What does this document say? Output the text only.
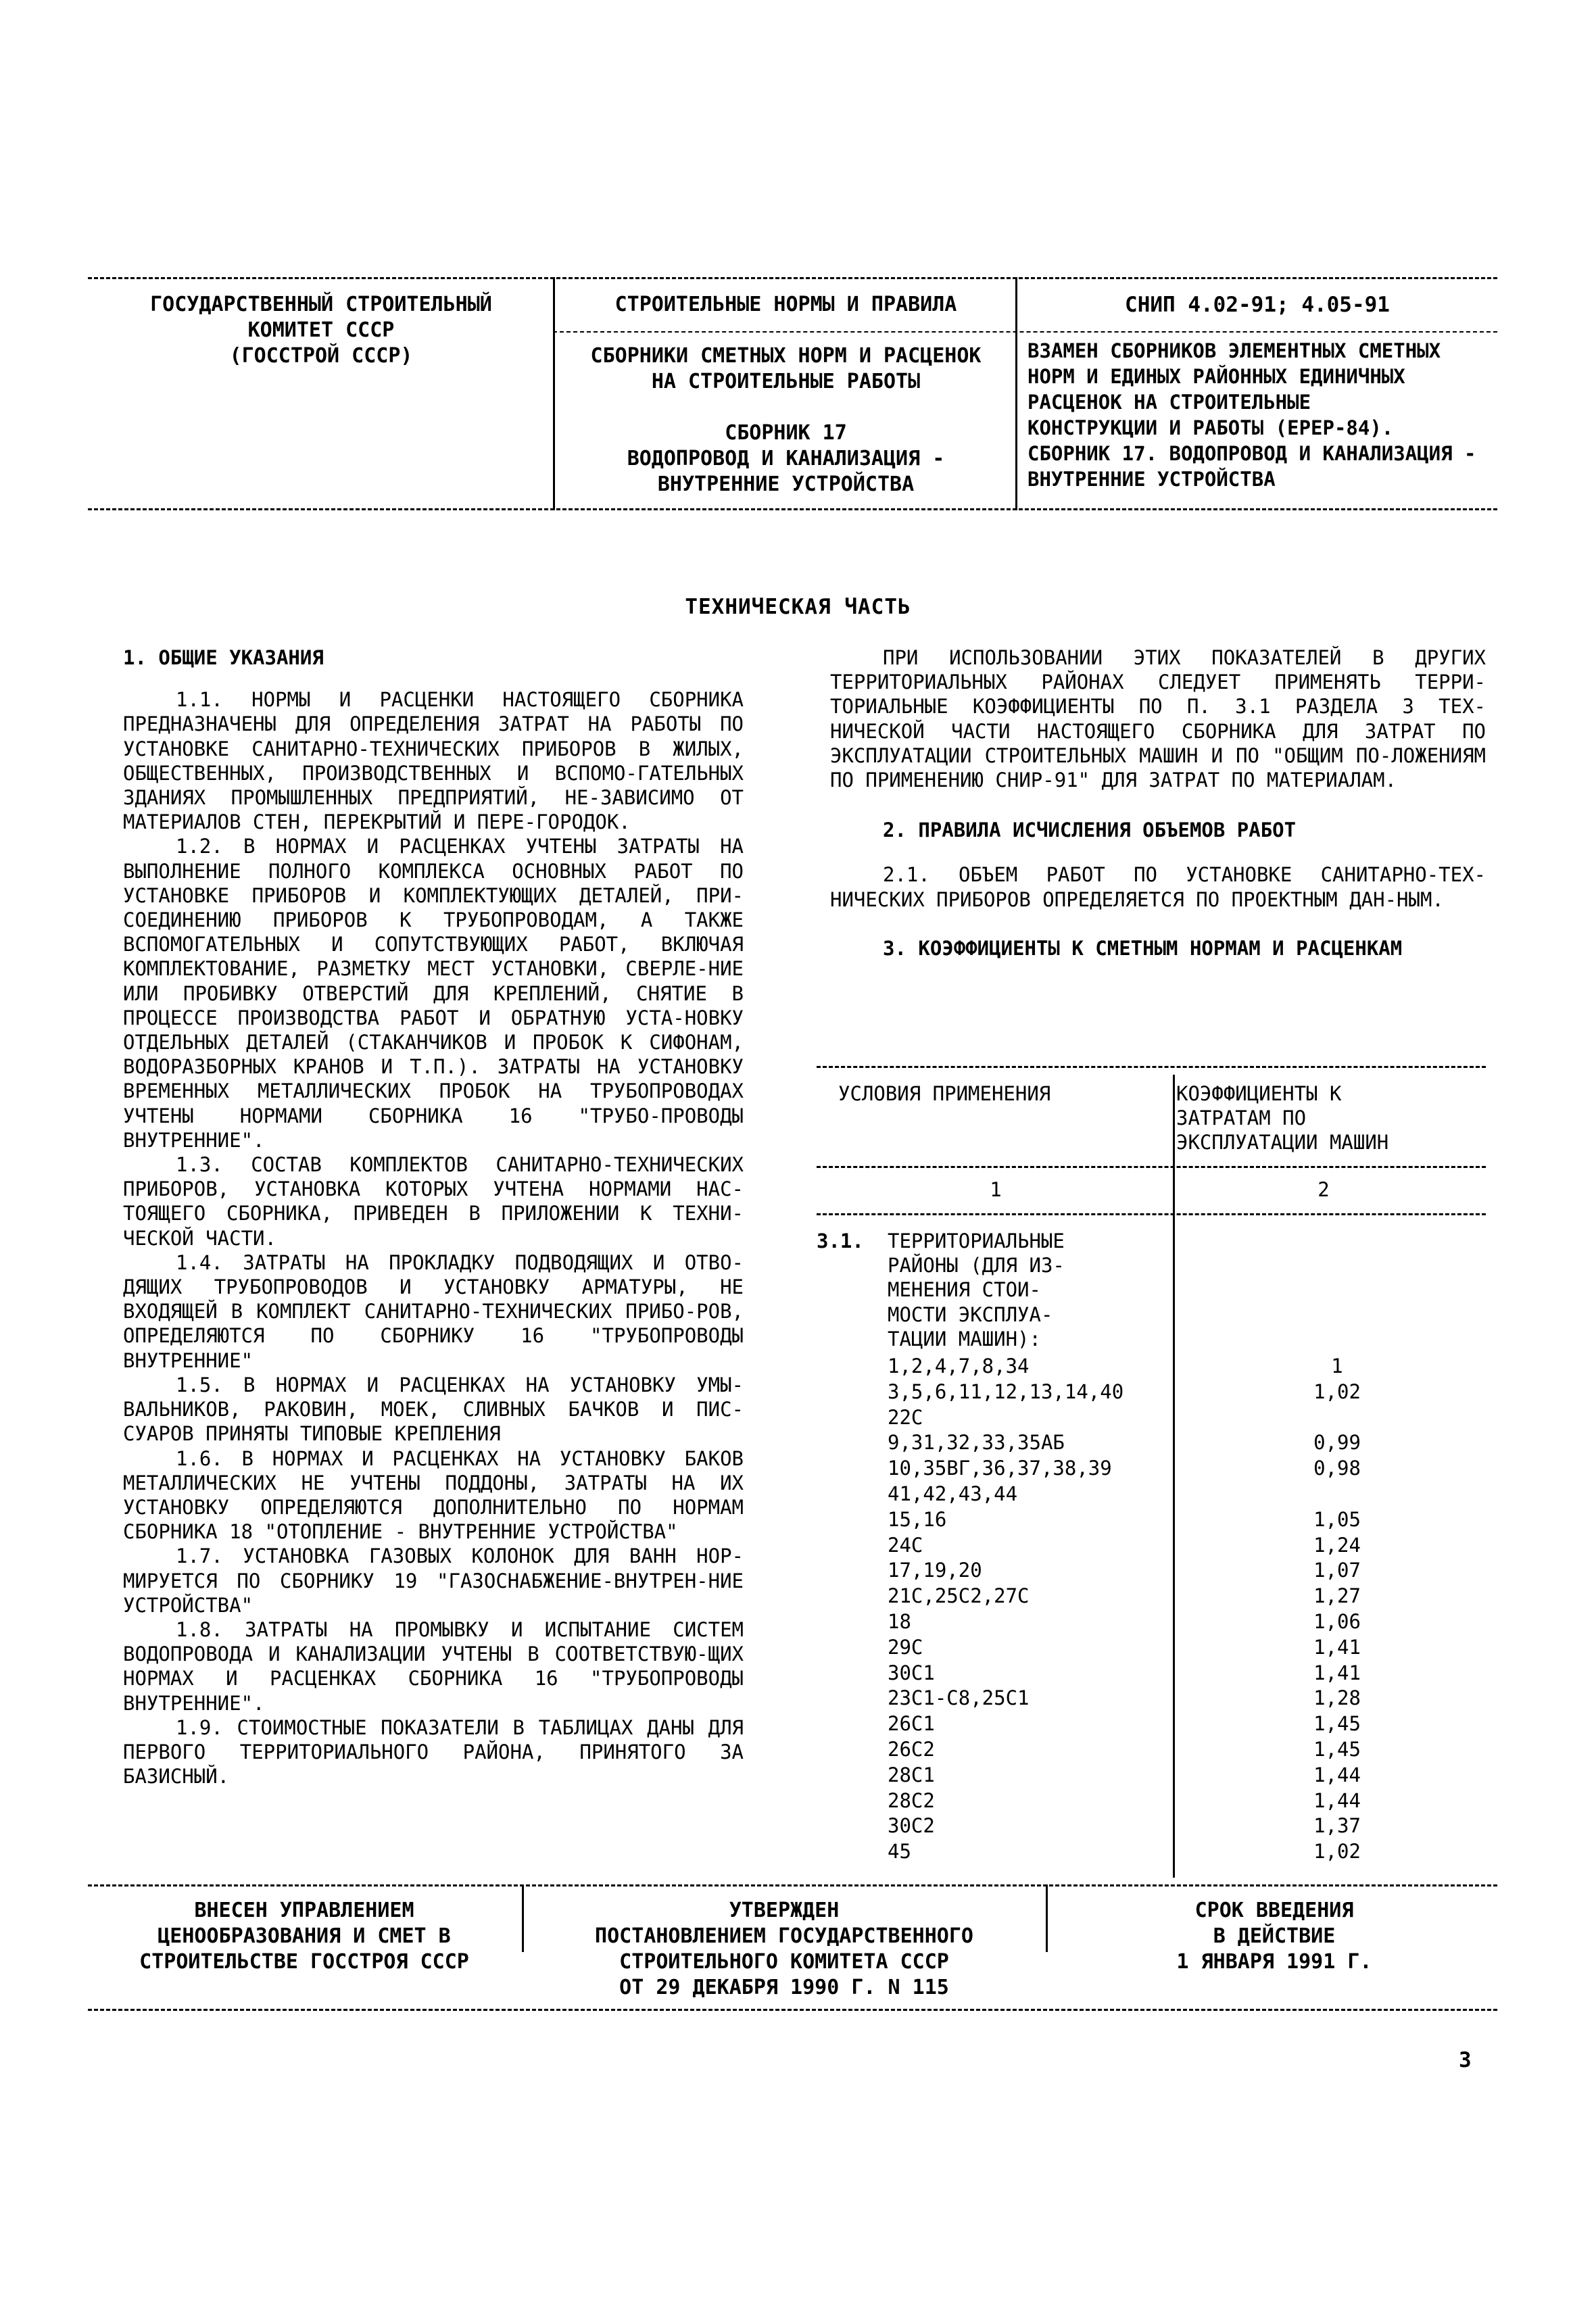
ГОСУДАРСТВЕННЫЙ СТРОИТЕЛЬНЫЙ
КОМИТЕТ СССР
(ГОССТРОЙ СССР)
СТРОИТЕЛЬНЫЕ НОРМЫ И ПРАВИЛА
СБОРНИКИ СМЕТНЫХ НОРМ И РАСЦЕНОК
НА СТРОИТЕЛЬНЫЕ РАБОТЫ

СБОРНИК 17
ВОДОПРОВОД И КАНАЛИЗАЦИЯ -
ВНУТРЕННИЕ УСТРОЙСТВА
СНИП 4.02-91; 4.05-91
ВЗАМЕН СБОРНИКОВ ЭЛЕМЕНТНЫХ СМЕТНЫХ
НОРМ И ЕДИНЫХ РАЙОННЫХ ЕДИНИЧНЫХ
РАСЦЕНОК НА СТРОИТЕЛЬНЫЕ
КОНСТРУКЦИИ И РАБОТЫ (ЕРЕР-84).
СБОРНИК 17. ВОДОПРОВОД И КАНАЛИЗАЦИЯ -
ВНУТРЕННИЕ УСТРОЙСТВА
ТЕХНИЧЕСКАЯ ЧАСТЬ
1. ОБЩИЕ УКАЗАНИЯ

1.1. НОРМЫ И РАСЦЕНКИ НАСТОЯЩЕГО СБОРНИКА ПРЕДНАЗНАЧЕНЫ ДЛЯ ОПРЕДЕЛЕНИЯ ЗАТРАТ НА РАБОТЫ ПО УСТАНОВКЕ САНИТАРНО-ТЕХНИЧЕСКИХ ПРИБОРОВ В ЖИЛЫХ, ОБЩЕСТВЕННЫХ, ПРОИЗВОДСТВЕННЫХ И ВСПОМО-ГАТЕЛЬНЫХ ЗДАНИЯХ ПРОМЫШЛЕННЫХ ПРЕДПРИЯТИЙ, НЕ-ЗАВИСИМО ОТ МАТЕРИАЛОВ СТЕН, ПЕРЕКРЫТИЙ И ПЕРЕ-ГОРОДОК.

1.2. В НОРМАХ И РАСЦЕНКАХ УЧТЕНЫ ЗАТРАТЫ НА ВЫПОЛНЕНИЕ ПОЛНОГО КОМПЛЕКСА ОСНОВНЫХ РАБОТ ПО УСТАНОВКЕ ПРИБОРОВ И КОМПЛЕКТУЮЩИХ ДЕТАЛЕЙ, ПРИ-СОЕДИНЕНИЮ ПРИБОРОВ К ТРУБОПРОВОДАМ, А ТАКЖЕ ВСПОМОГАТЕЛЬНЫХ И СОПУТСТВУЮЩИХ РАБОТ, ВКЛЮЧАЯ КОМПЛЕКТОВАНИЕ, РАЗМЕТКУ МЕСТ УСТАНОВКИ, СВЕРЛЕ-НИЕ ИЛИ ПРОБИВКУ ОТВЕРСТИЙ ДЛЯ КРЕПЛЕНИЙ, СНЯТИЕ В ПРОЦЕССЕ ПРОИЗВОДСТВА РАБОТ И ОБРАТНУЮ УСТА-НОВКУ ОТДЕЛЬНЫХ ДЕТАЛЕЙ (СТАКАНЧИКОВ И ПРОБОК К СИФОНАМ, ВОДОРАЗБОРНЫХ КРАНОВ И Т.П.). ЗАТРАТЫ НА УСТАНОВКУ ВРЕМЕННЫХ МЕТАЛЛИЧЕСКИХ ПРОБОК НА ТРУБОПРОВОДАХ УЧТЕНЫ НОРМАМИ СБОРНИКА 16 "ТРУБО-ПРОВОДЫ ВНУТРЕННИЕ".

1.3. СОСТАВ КОМПЛЕКТОВ САНИТАРНО-ТЕХНИЧЕСКИХ ПРИБОРОВ, УСТАНОВКА КОТОРЫХ УЧТЕНА НОРМАМИ НАС-ТОЯЩЕГО СБОРНИКА, ПРИВЕДЕН В ПРИЛОЖЕНИИ К ТЕХНИ-ЧЕСКОЙ ЧАСТИ.

1.4. ЗАТРАТЫ НА ПРОКЛАДКУ ПОДВОДЯЩИХ И ОТВО-ДЯЩИХ ТРУБОПРОВОДОВ И УСТАНОВКУ АРМАТУРЫ, НЕ ВХОДЯЩЕЙ В КОМПЛЕКТ САНИТАРНО-ТЕХНИЧЕСКИХ ПРИБО-РОВ, ОПРЕДЕЛЯЮТСЯ ПО СБОРНИКУ 16 "ТРУБОПРОВОДЫ ВНУТРЕННИЕ"

1.5. В НОРМАХ И РАСЦЕНКАХ НА УСТАНОВКУ УМЫ-ВАЛЬНИКОВ, РАКОВИН, МОЕК, СЛИВНЫХ БАЧКОВ И ПИС-СУАРОВ ПРИНЯТЫ ТИПОВЫЕ КРЕПЛЕНИЯ

1.6. В НОРМАХ И РАСЦЕНКАХ НА УСТАНОВКУ БАКОВ МЕТАЛЛИЧЕСКИХ НЕ УЧТЕНЫ ПОДДОНЫ, ЗАТРАТЫ НА ИХ УСТАНОВКУ ОПРЕДЕЛЯЮТСЯ ДОПОЛНИТЕЛЬНО ПО НОРМАМ СБОРНИКА 18 "ОТОПЛЕНИЕ - ВНУТРЕННИЕ УСТРОЙСТВА"

1.7. УСТАНОВКА ГАЗОВЫХ КОЛОНОК ДЛЯ ВАНН НОР-МИРУЕТСЯ ПО СБОРНИКУ 19 "ГАЗОСНАБЖЕНИЕ-ВНУТРЕН-НИЕ УСТРОЙСТВА"

1.8. ЗАТРАТЫ НА ПРОМЫВКУ И ИСПЫТАНИЕ СИСТЕМ ВОДОПРОВОДА И КАНАЛИЗАЦИИ УЧТЕНЫ В СООТВЕТСТВУЮ-ЩИХ НОРМАХ И РАСЦЕНКАХ СБОРНИКА 16 "ТРУБОПРОВОДЫ ВНУТРЕННИЕ".

1.9. СТОИМОСТНЫЕ ПОКАЗАТЕЛИ В ТАБЛИЦАХ ДАНЫ ДЛЯ ПЕРВОГО ТЕРРИТОРИАЛЬНОГО РАЙОНА, ПРИНЯТОГО ЗА БАЗИСНЫЙ.

ПРИ ИСПОЛЬЗОВАНИИ ЭТИХ ПОКАЗАТЕЛЕЙ В ДРУГИХ ТЕРРИТОРИАЛЬНЫХ РАЙОНАХ СЛЕДУЕТ ПРИМЕНЯТЬ ТЕРРИ-ТОРИАЛЬНЫЕ КОЭФФИЦИЕНТЫ ПО П. 3.1 РАЗДЕЛА 3 ТЕХ-НИЧЕСКОЙ ЧАСТИ НАСТОЯЩЕГО СБОРНИКА ДЛЯ ЗАТРАТ ПО ЭКСПЛУАТАЦИИ СТРОИТЕЛЬНЫХ МАШИН И ПО "ОБЩИМ ПО-ЛОЖЕНИЯМ ПО ПРИМЕНЕНИЮ СНИР-91" ДЛЯ ЗАТРАТ ПО МАТЕРИАЛАМ.

2. ПРАВИЛА ИСЧИСЛЕНИЯ ОБЪЕМОВ РАБОТ

2.1. ОБЪЕМ РАБОТ ПО УСТАНОВКЕ САНИТАРНО-ТЕХ-НИЧЕСКИХ ПРИБОРОВ ОПРЕДЕЛЯЕТСЯ ПО ПРОЕКТНЫМ ДАН-НЫМ.

3. КОЭФФИЦИЕНТЫ К СМЕТНЫМ НОРМАМ И РАСЦЕНКАМ
УСЛОВИЯ ПРИМЕНЕНИЯ	КОЭФФИЦИЕНТЫ К
ЗАТРАТАМ ПО
ЭКСПЛУАТАЦИИ МАШИН
1	2
3.1.	ТЕРРИТОРИАЛЬНЫЕ
РАЙОНЫ (ДЛЯ ИЗ-
МЕНЕНИЯ СТОИ-
МОСТИ ЭКСПЛУА-
ТАЦИИ МАШИН):
1,2,4,7,8,34	1
3,5,6,11,12,13,14,40	1,02
22С
9,31,32,33,35АБ	0,99
10,35ВГ,36,37,38,39	0,98
41,42,43,44
15,16	1,05
24С	1,24
17,19,20	1,07
21С,25С2,27С	1,27
18	1,06
29С	1,41
30С1	1,41
23С1-С8,25С1	1,28
26С1	1,45
26С2	1,45
28С1	1,44
28С2	1,44
30С2	1,37
45	1,02
ВНЕСЕН УПРАВЛЕНИЕМ
ЦЕНООБРАЗОВАНИЯ И СМЕТ В
СТРОИТЕЛЬСТВЕ ГОССТРОЯ СССР
УТВЕРЖДЕН
ПОСТАНОВЛЕНИЕМ ГОСУДАРСТВЕННОГО
СТРОИТЕЛЬНОГО КОМИТЕТА СССР
ОТ 29 ДЕКАБРЯ 1990 Г. N 115
СРОК ВВЕДЕНИЯ
В ДЕЙСТВИЕ
1 ЯНВАРЯ 1991 Г.
3
